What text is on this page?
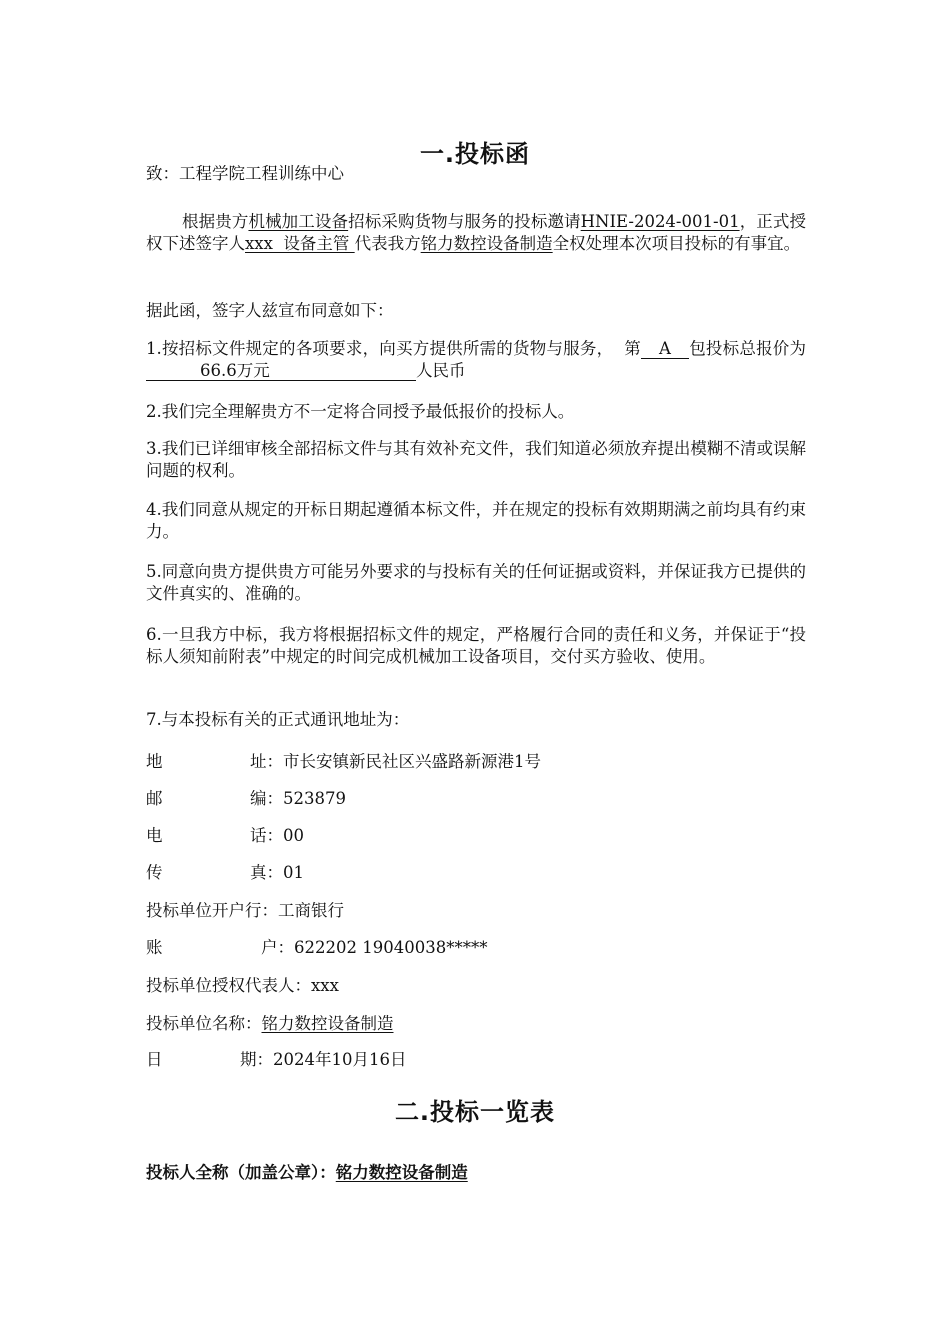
一.投标函
致：工程学院工程训练中心
根据贵方机械加工设备招标采购货物与服务的投标邀请HNIE-2024-001-01，正式授权下述签字人xxx  设备主管 代表我方铭力数控设备制造全权处理本次项目投标的有事宜。
据此函，签字人兹宣布同意如下：
1.按招标文件规定的各项要求，向买方提供所需的货物与服务，  第 A 包投标总报价为66.6万元	人民币
2.我们完全理解贵方不一定将合同授予最低报价的投标人。
3.我们已详细审核全部招标文件与其有效补充文件，我们知道必须放弃提出模糊不清或误解问题的权利。
4.我们同意从规定的开标日期起遵循本标文件，并在规定的投标有效期期满之前均具有约束力。
5.同意向贵方提供贵方可能另外要求的与投标有关的任何证据或资料，并保证我方已提供的文件真实的、准确的。
6.一旦我方中标，我方将根据招标文件的规定，严格履行合同的责任和义务，并保证于“投标人须知前附表”中规定的时间完成机械加工设备项目，交付买方验收、使用。
7.与本投标有关的正式通讯地址为：
地	址：市长安镇新民社区兴盛路新源港1号
邮	编：523879
电	话：00
传	真：01
投标单位开户行：工商银行
账	户：622202 19040038*****
投标单位授权代表人：xxx
投标单位名称：铭力数控设备制造
日	期：2024年10月16日
二.投标一览表
投标人全称（加盖公章）：铭力数控设备制造
